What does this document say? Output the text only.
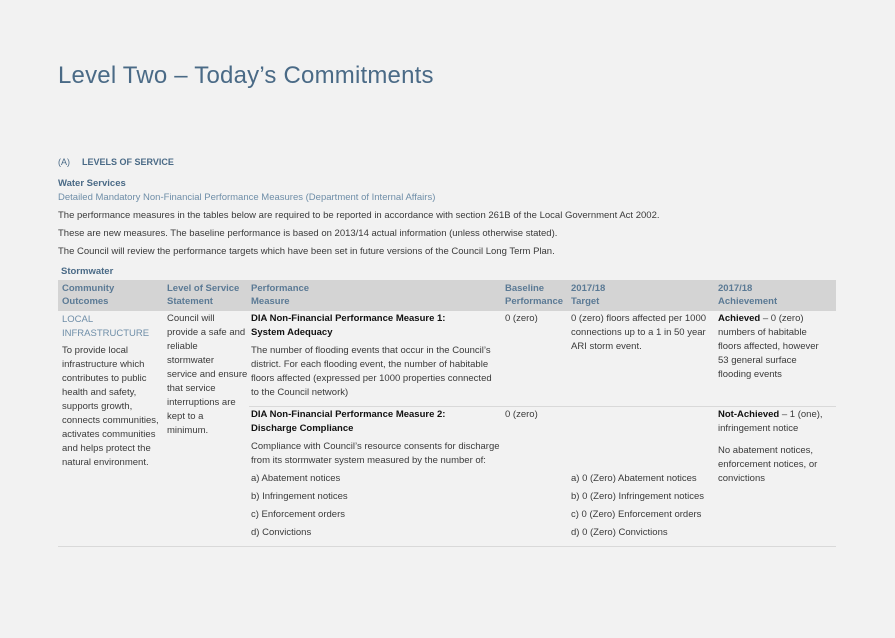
Level Two – Today’s Commitments
(A) LEVELS OF SERVICE
Water Services
Detailed Mandatory Non-Financial Performance Measures (Department of Internal Affairs)
The performance measures in the tables below are required to be reported in accordance with section 261B of the Local Government Act 2002.
These are new measures. The baseline performance is based on 2013/14 actual information (unless otherwise stated).
The Council will review the performance targets which have been set in future versions of the Council Long Term Plan.
Stormwater
Community
Outcomes
Level of Service
Statement
Performance
Measure
Baseline
Performance
2017/18
Target
2017/18
Achievement
LOCAL
INFRASTRUCTURE
To provide local
infrastructure which
contributes to public
health and safety,
supports growth,
connects communities,
activates communities
and helps protect the
natural environment.
Council will
provide a safe and
reliable
stormwater
service and ensure
that service
interruptions are
kept to a
minimum.
DIA Non-Financial Performance Measure 1:
System Adequacy
The number of flooding events that occur in the Council’s
district. For each flooding event, the number of habitable
floors affected (expressed per 1000 properties connected
to the Council network)
0 (zero)	0 (zero) floors affected per 1000
connections up to a 1 in 50 year
ARI storm event.
Achieved – 0 (zero)
numbers of habitable
floors affected, however
53 general surface
flooding events
DIA Non-Financial Performance Measure 2:
Discharge Compliance
Compliance with Council’s resource consents for discharge
from its stormwater system measured by the number of:
a) Abatement notices
b) Infringement notices
c) Enforcement orders
d) Convictions
0 (zero)
a) 0 (Zero) Abatement notices
b) 0 (Zero) Infringement notices
c) 0 (Zero) Enforcement orders
d) 0 (Zero) Convictions
Not-Achieved – 1 (one),
infringement notice
No abatement notices,
enforcement notices, or
convictions
